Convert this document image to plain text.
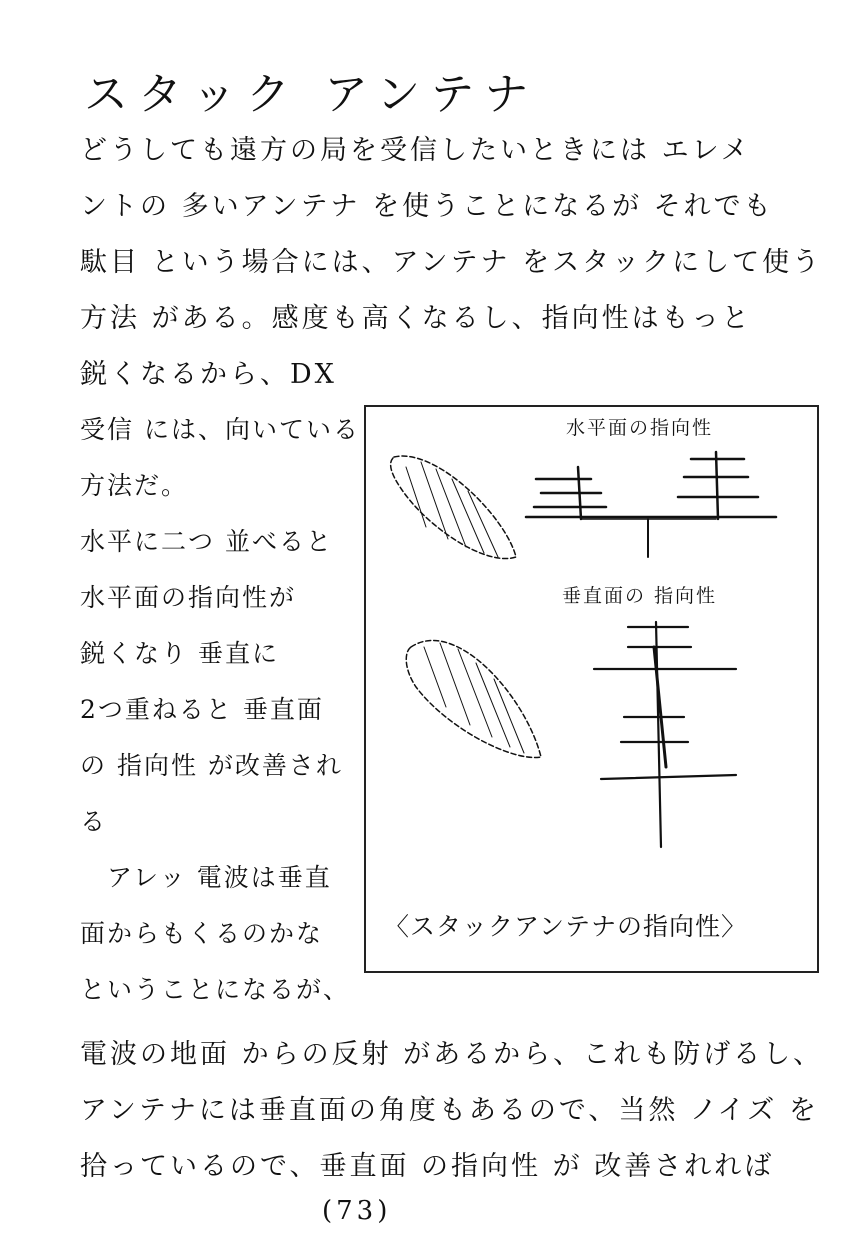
スタック アンテナ
どうしても遠方の局を受信したいときには エレメ
ントの 多いアンテナ を使うことになるが それでも
駄目 という場合には、アンテナ をスタックにして使う
方法 がある。感度も高くなるし、指向性はもっと
鋭くなるから、DX
受信 には、向いている
方法だ。
水平に二つ 並べると
水平面の指向性が
鋭くなり 垂直に
2つ重ねると 垂直面
の 指向性 が改善され
る
　アレッ 電波は垂直
面からもくるのかな
ということになるが、
水平面の指向性
垂直面の 指向性
〈スタックアンテナの指向性〉
電波の地面 からの反射 があるから、これも防げるし、
アンテナには垂直面の角度もあるので、当然 ノイズ を
拾っているので、垂直面 の指向性 が 改善されれば
(73)
